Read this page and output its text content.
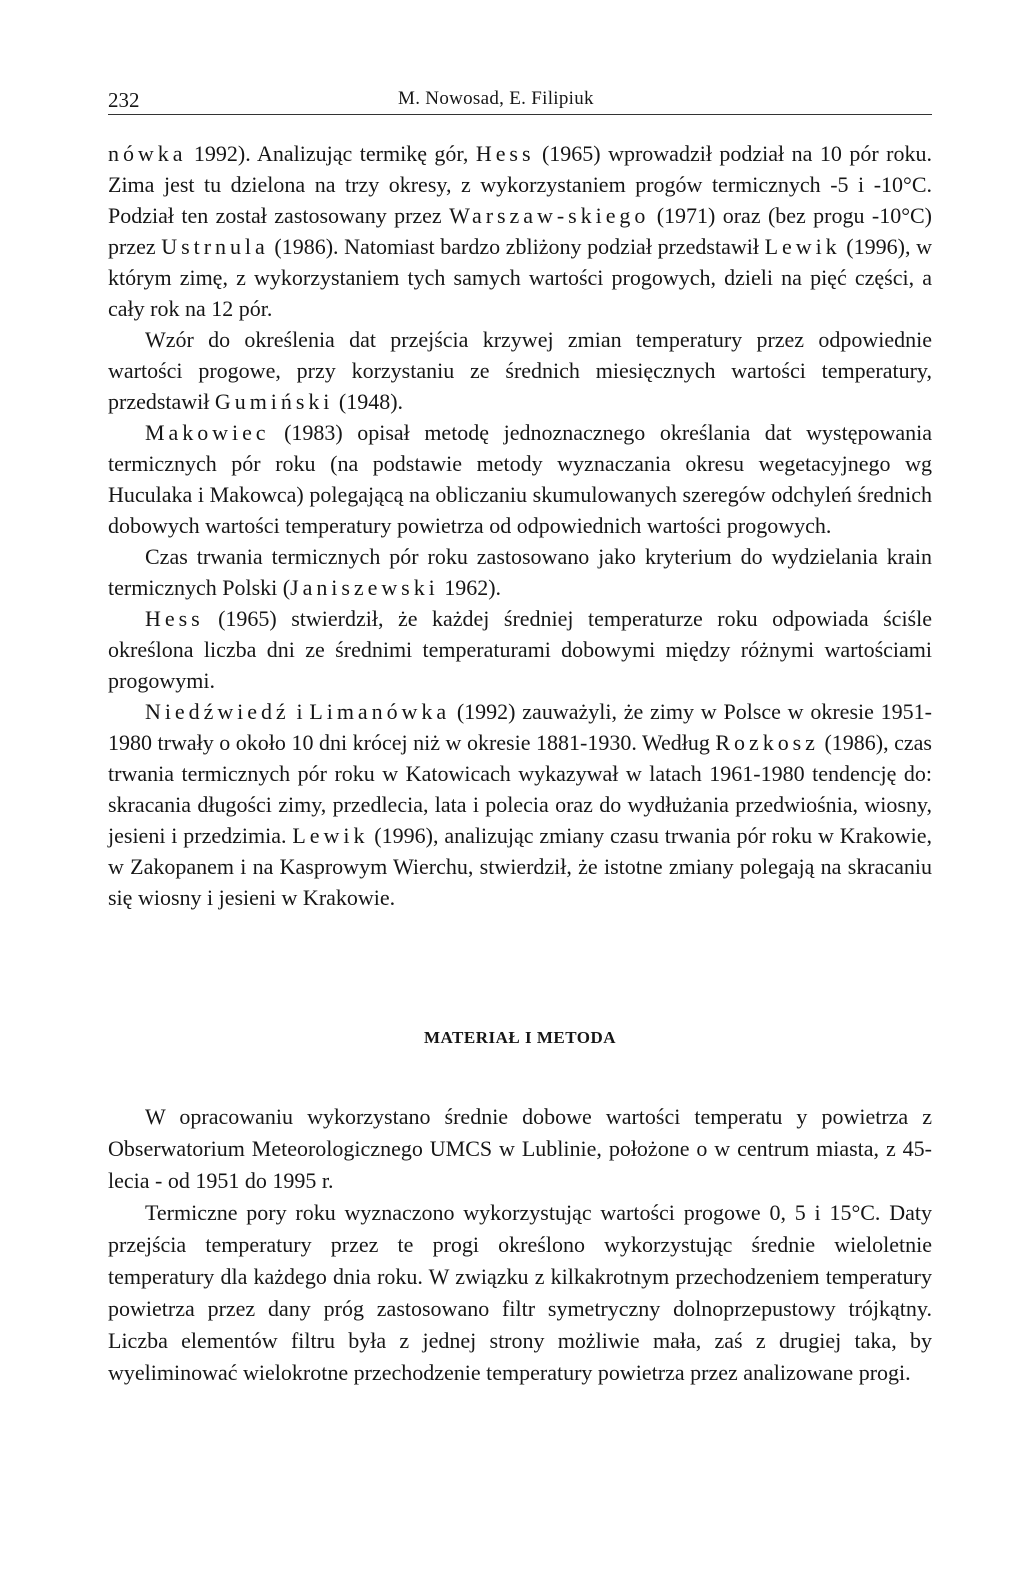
232	M. Nowosad, E. Filipiuk

nówka 1992). Analizując termikę gór, Hess (1965) wprowadził podział na 10 pór roku. Zima jest tu dzielona na trzy okresy, z wykorzystaniem progów termicznych -5 i -10°C. Podział ten został zastosowany przez Warszaw-skiego (1971) oraz (bez progu -10°C) przez Ustrnula (1986). Natomiast bardzo zbliżony podział przedstawił Lewik (1996), w którym zimę, z wykorzystaniem tych samych wartości progowych, dzieli na pięć części, a cały rok na 12 pór.

Wzór do określenia dat przejścia krzywej zmian temperatury przez odpowiednie wartości progowe, przy korzystaniu ze średnich miesięcznych wartości temperatury, przedstawił Gumiński (1948).

Makowiec (1983) opisał metodę jednoznacznego określania dat występowania termicznych pór roku (na podstawie metody wyznaczania okresu wegetacyjnego wg Huculaka i Makowca) polegającą na obliczaniu skumulowanych szeregów odchyleń średnich dobowych wartości temperatury powietrza od odpowiednich wartości progowych.

Czas trwania termicznych pór roku zastosowano jako kryterium do wydzielania krain termicznych Polski (Janiszewski 1962).

Hess (1965) stwierdził, że każdej średniej temperaturze roku odpowiada ściśle określona liczba dni ze średnimi temperaturami dobowymi między różnymi wartościami progowymi.

Niedźwiedź i Limanówka (1992) zauważyli, że zimy w Polsce w okresie 1951-1980 trwały o około 10 dni krócej niż w okresie 1881-1930. Według Rozkosz (1986), czas trwania termicznych pór roku w Katowicach wykazywał w latach 1961-1980 tendencję do: skracania długości zimy, przedlecia, lata i polecia oraz do wydłużania przedwiośnia, wiosny, jesieni i przedzimia. Lewik (1996), analizując zmiany czasu trwania pór roku w Krakowie, w Zakopanem i na Kasprowym Wierchu, stwierdził, że istotne zmiany polegają na skracaniu się wiosny i jesieni w Krakowie.

MATERIAŁ I METODA

W opracowaniu wykorzystano średnie dobowe wartości temperatu y powietrza z Obserwatorium Meteorologicznego UMCS w Lublinie, położone o w centrum miasta, z 45-lecia - od 1951 do 1995 r.

Termiczne pory roku wyznaczono wykorzystując wartości progowe 0, 5 i 15°C. Daty przejścia temperatury przez te progi określono wykorzystując średnie wieloletnie temperatury dla każdego dnia roku. W związku z kilkakrotnym przechodzeniem temperatury powietrza przez dany próg zastosowano filtr symetryczny dolnoprzepustowy trójkątny. Liczba elementów filtru była z jednej strony możliwie mała, zaś z drugiej taka, by wyeliminować wielokrotne przechodzenie temperatury powietrza przez analizowane progi.
